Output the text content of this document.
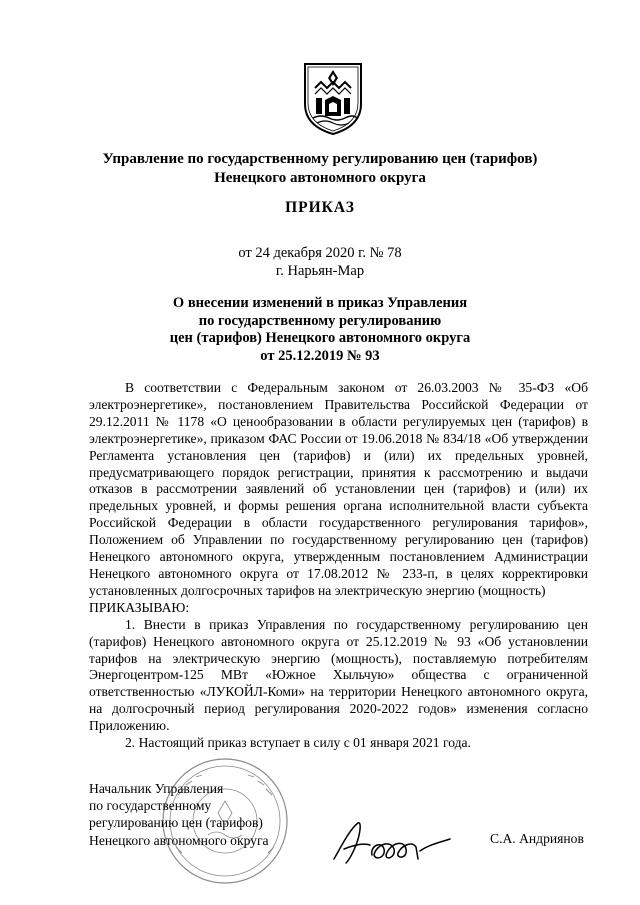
Управление по государственному регулированию цен (тарифов)
Ненецкого автономного округа
ПРИКАЗ
от 24 декабря 2020 г. № 78
г. Нарьян-Мар
О внесении изменений в приказ Управления
по государственному регулированию
цен (тарифов) Ненецкого автономного округа
от 25.12.2019 № 93

В соответствии с Федеральным законом от 26.03.2003 № 35-ФЗ «Об электроэнергетике», постановлением Правительства Российской Федерации от 29.12.2011 № 1178 «О ценообразовании в области регулируемых цен (тарифов) в электроэнергетике», приказом ФАС России от 19.06.2018 № 834/18 «Об утверждении Регламента установления цен (тарифов) и (или) их предельных уровней, предусматривающего порядок регистрации, принятия к рассмотрению и выдачи отказов в рассмотрении заявлений об установлении цен (тарифов) и (или) их предельных уровней, и формы решения органа исполнительной власти субъекта Российской Федерации в области государственного регулирования тарифов», Положением об Управлении по государственному регулированию цен (тарифов) Ненецкого автономного округа, утвержденным постановлением Администрации Ненецкого автономного округа от 17.08.2012 № 233-п, в целях корректировки установленных долгосрочных тарифов на электрическую энергию (мощность)

ПРИКАЗЫВАЮ:

1. Внести в приказ Управления по государственному регулированию цен (тарифов) Ненецкого автономного округа от 25.12.2019 № 93 «Об установлении тарифов на электрическую энергию (мощность), поставляемую потребителям Энергоцентром-125 МВт «Южное Хыльчую» общества с ограниченной ответственностью «ЛУКОЙЛ-Коми» на территории Ненецкого автономного округа, на долгосрочный период регулирования 2020-2022 годов» изменения согласно Приложению.

2. Настоящий приказ вступает в силу с 01 января 2021 года.

Начальник Управления
по государственному
регулированию цен (тарифов)
Ненецкого автономного округа	С.А. Андриянов
